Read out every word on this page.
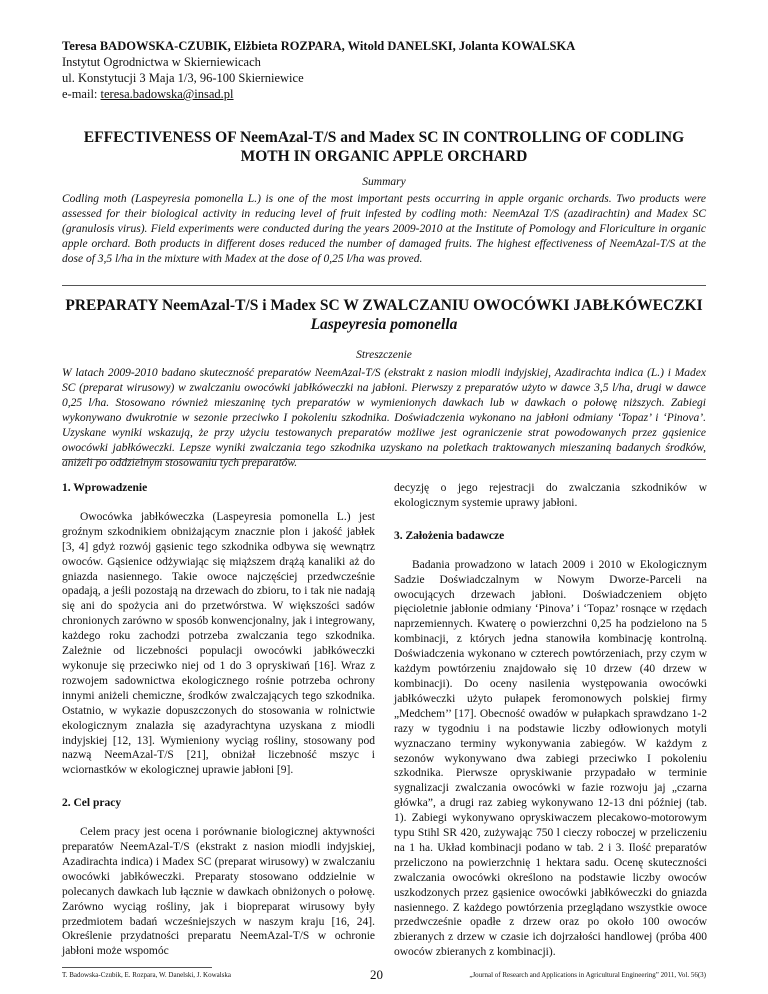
Teresa BADOWSKA-CZUBIK, Elżbieta ROZPARA, Witold DANELSKI, Jolanta KOWALSKA
Instytut Ogrodnictwa w Skierniewicach
ul. Konstytucji 3 Maja 1/3, 96-100 Skierniewice
e-mail: teresa.badowska@insad.pl
EFFECTIVENESS OF NeemAzal-T/S and Madex SC IN CONTROLLING OF CODLING MOTH IN ORGANIC APPLE ORCHARD
Summary
Codling moth (Laspeyresia pomonella L.) is one of the most important pests occurring in apple organic orchards. Two products were assessed for their biological activity in reducing level of fruit infested by codling moth: NeemAzal T/S (azadirachtin) and Madex SC (granulosis virus). Field experiments were conducted during the years 2009-2010 at the Institute of Pomology and Floriculture in organic apple orchard. Both products in different doses reduced the number of damaged fruits. The highest effectiveness of NeemAzal-T/S at the dose of 3,5 l/ha in the mixture with Madex at the dose of 0,25 l/ha was proved.
PREPARATY NeemAzal-T/S i Madex SC W ZWALCZANIU OWOCÓWKI JABŁKÓWECZKI
Laspeyresia pomonella
Streszczenie
W latach 2009-2010 badano skuteczność preparatów NeemAzal-T/S (ekstrakt z nasion miodli indyjskiej, Azadirachta indica (L.) i Madex SC (preparat wirusowy) w zwalczaniu owocówki jabłkóweczki na jabłoni. Pierwszy z preparatów użyto w dawce 3,5 l/ha, drugi w dawce 0,25 l/ha. Stosowano również mieszaninę tych preparatów w wymienionych dawkach lub w dawkach o połowę niższych. Zabiegi wykonywano dwukrotnie w sezonie przeciwko I pokoleniu szkodnika. Doświadczenia wykonano na jabłoni odmiany ‘Topaz’ i ‘Pinova’. Uzyskane wyniki wskazują, że przy użyciu testowanych preparatów możliwe jest ograniczenie strat powodowanych przez gąsienice owocówki jabłkóweczki. Lepsze wyniki zwalczania tego szkodnika uzyskano na poletkach traktowanych mieszaniną badanych środków, aniżeli po oddzielnym stosowaniu tych preparatów.
1. Wprowadzenie

Owocówka jabłkóweczka (Laspeyresia pomonella L.) jest groźnym szkodnikiem obniżającym znacznie plon i jakość jabłek [3, 4] gdyż rozwój gąsienic tego szkodnika odbywa się wewnątrz owoców. Gąsienice odżywiając się miąższem drążą kanaliki aż do gniazda nasiennego. Takie owoce najczęściej przedwcześnie opadają, a jeśli pozostają na drzewach do zbioru, to i tak nie nadają się ani do spożycia ani do przetwórstwa. W większości sadów chronionych zarówno w sposób konwencjonalny, jak i integrowany, każdego roku zachodzi potrzeba zwalczania tego szkodnika. Zależnie od liczebności populacji owocówki jabłkóweczki wykonuje się przeciwko niej od 1 do 3 opryskiwań [16]. Wraz z rozwojem sadownictwa ekologicznego rośnie potrzeba ochrony innymi aniżeli chemiczne, środków zwalczających tego szkodnika. Ostatnio, w wykazie dopuszczonych do stosowania w rolnictwie ekologicznym znalazła się azadyrachtyna uzyskana z miodli indyjskiej [12, 13]. Wymieniony wyciąg rośliny, stosowany pod nazwą NeemAzal-T/S [21], obniżał liczebność mszyc i wciornastków w ekologicznej uprawie jabłoni [9].

2. Cel pracy

Celem pracy jest ocena i porównanie biologicznej aktywności preparatów NeemAzal-T/S (ekstrakt z nasion miodli indyjskiej, Azadirachta indica) i Madex SC (preparat wirusowy) w zwalczaniu owocówki jabłkóweczki. Preparaty stosowano oddzielnie w polecanych dawkach lub łącznie w dawkach obniżonych o połowę. Zarówno wyciąg rośliny, jak i biopreparat wirusowy były przedmiotem badań wcześniejszych w naszym kraju [16, 24]. Określenie przydatności preparatu NeemAzal-T/S w ochronie jabłoni może wspomóc

decyzję o jego rejestracji do zwalczania szkodników w ekologicznym systemie uprawy jabłoni.

3. Założenia badawcze

Badania prowadzono w latach 2009 i 2010 w Ekologicznym Sadzie Doświadczalnym w Nowym Dworze-Parceli na owocujących drzewach jabłoni. Doświadczeniem objęto pięcioletnie jabłonie odmiany ‘Pinova’ i ‘Topaz’ rosnące w rzędach naprzemiennych. Kwaterę o powierzchni 0,25 ha podzielono na 5 kombinacji, z których jedna stanowiła kombinację kontrolną. Doświadczenia wykonano w czterech powtórzeniach, przy czym w każdym powtórzeniu znajdowało się 10 drzew (40 drzew w kombinacji). Do oceny nasilenia występowania owocówki jabłkóweczki użyto pułapek feromonowych polskiej firmy „Medchem’’ [17]. Obecność owadów w pułapkach sprawdzano 1-2 razy w tygodniu i na podstawie liczby odłowionych motyli wyznaczano terminy wykonywania zabiegów. W każdym z sezonów wykonywano dwa zabiegi przeciwko I pokoleniu szkodnika. Pierwsze opryskiwanie przypadało w terminie sygnalizacji zwalczania owocówki w fazie rozwoju jaj „czarna główka”, a drugi raz zabieg wykonywano 12-13 dni później (tab. 1). Zabiegi wykonywano opryskiwaczem plecakowo-motorowym typu Stihl SR 420, zużywając 750 l cieczy roboczej w przeliczeniu na 1 ha. Układ kombinacji podano w tab. 2 i 3. Ilość preparatów przeliczono na powierzchnię 1 hektara sadu. Ocenę skuteczności zwalczania owocówki określono na podstawie liczby owoców uszkodzonych przez gąsienice owocówki jabłkóweczki do gniazda nasiennego. Z każdego powtórzenia przeglądano wszystkie owoce przedwcześnie opadłe z drzew oraz po około 100 owoców zbieranych z drzew w czasie ich dojrzałości handlowej (próba 400 owoców zbieranych z kombinacji).

T. Badowska-Czubik, E. Rozpara, W. Danelski, J. Kowalska	20	„Journal of Research and Applications in Agricultural Engineering” 2011, Vol. 56(3)
